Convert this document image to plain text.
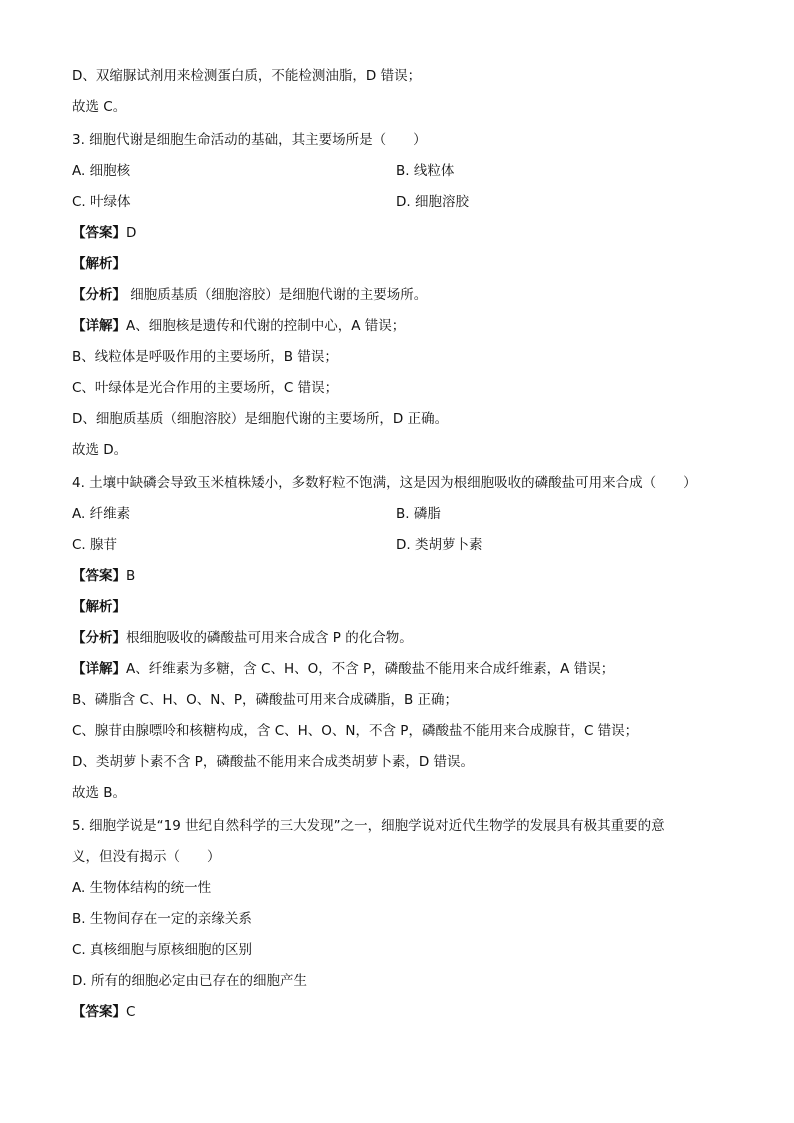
D、双缩脲试剂用来检测蛋白质，不能检测油脂，D 错误；
故选 C。
3. 细胞代谢是细胞生命活动的基础，其主要场所是（　　）
A. 细胞核	B. 线粒体
C. 叶绿体	D. 细胞溶胶
【答案】D
【解析】
【分析】 细胞质基质（细胞溶胶）是细胞代谢的主要场所。
【详解】A、细胞核是遗传和代谢的控制中心，A 错误；
B、线粒体是呼吸作用的主要场所，B 错误；
C、叶绿体是光合作用的主要场所，C 错误；
D、细胞质基质（细胞溶胶）是细胞代谢的主要场所，D 正确。
故选 D。
4. 土壤中缺磷会导致玉米植株矮小，多数籽粒不饱满，这是因为根细胞吸收的磷酸盐可用来合成（　　）
A. 纤维素	B. 磷脂
C. 腺苷	D. 类胡萝卜素
【答案】B
【解析】
【分析】根细胞吸收的磷酸盐可用来合成含 P 的化合物。
【详解】A、纤维素为多糖，含 C、H、O，不含 P，磷酸盐不能用来合成纤维素，A 错误；
B、磷脂含 C、H、O、N、P，磷酸盐可用来合成磷脂，B 正确；
C、腺苷由腺嘌呤和核糖构成，含 C、H、O、N，不含 P，磷酸盐不能用来合成腺苷，C 错误；
D、类胡萝卜素不含 P，磷酸盐不能用来合成类胡萝卜素，D 错误。
故选 B。
5. 细胞学说是“19 世纪自然科学的三大发现”之一，细胞学说对近代生物学的发展具有极其重要的意
义，但没有揭示（　　）
A. 生物体结构的统一性
B. 生物间存在一定的亲缘关系
C. 真核细胞与原核细胞的区别
D. 所有的细胞必定由已存在的细胞产生
【答案】C
